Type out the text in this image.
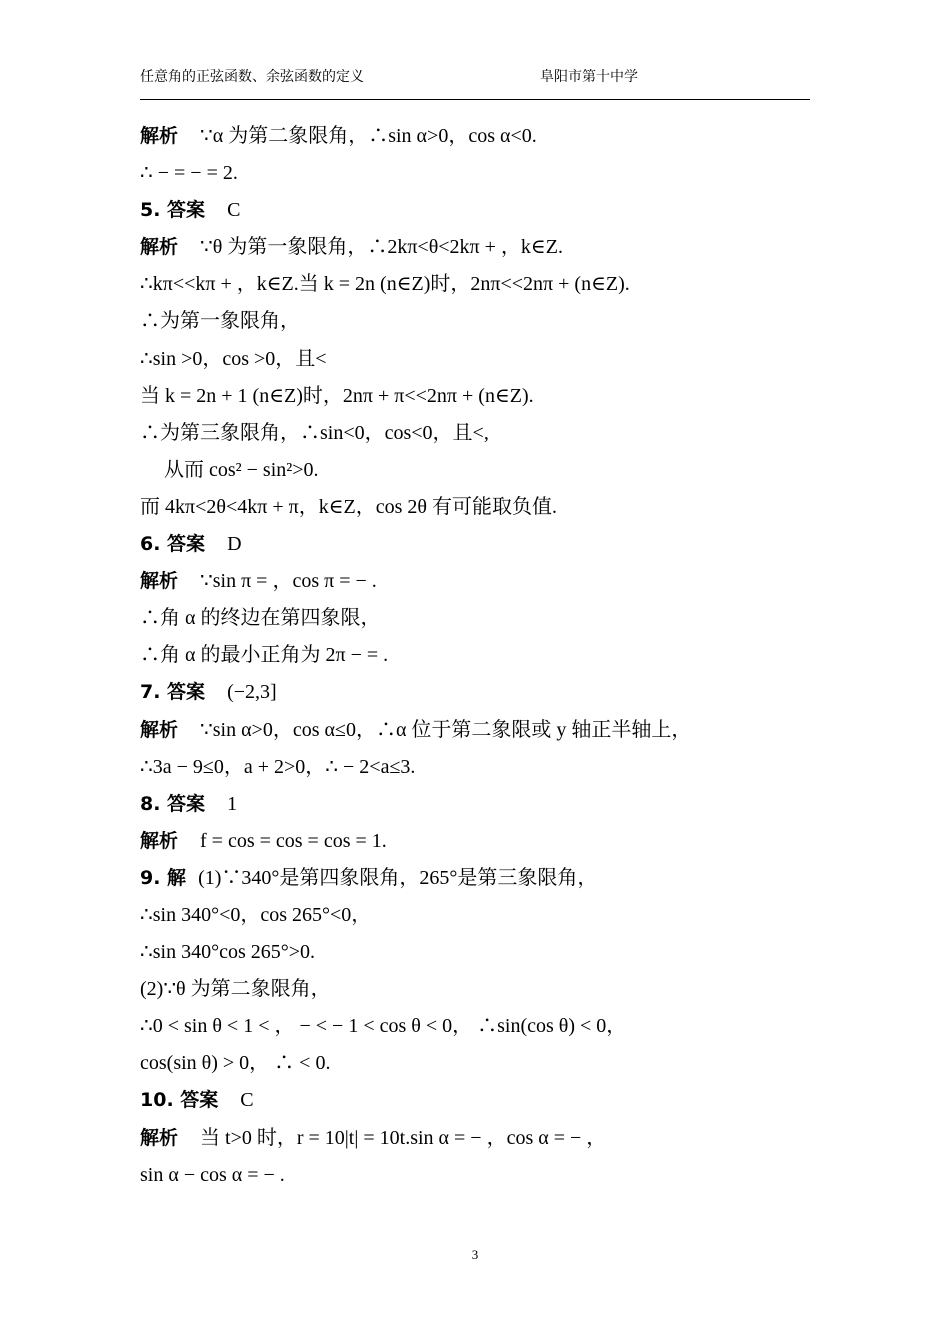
任意角的正弦函数、余弦函数的定义	阜阳市第十中学
解析 ∵α 为第二象限角，∴sin α>0，cos α<0.
∴ − = − = 2.
5. 答案 C
解析 ∵θ 为第一象限角，∴2kπ<θ<2kπ + ，k∈Z.
∴kπ<<kπ + ，k∈Z.当 k = 2n (n∈Z)时，2nπ<<2nπ + (n∈Z).
∴为第一象限角，
∴sin >0，cos >0，且<
当 k = 2n + 1 (n∈Z)时，2nπ + π<<2nπ + (n∈Z).
∴为第三象限角，∴sin<0，cos<0，且<,
从而 cos² − sin²>0.
而 4kπ<2θ<4kπ + π，k∈Z，cos 2θ 有可能取负值.
6. 答案 D
解析 ∵sin π = ，cos π = − .
∴角 α 的终边在第四象限，
∴角 α 的最小正角为 2π − = .
7. 答案 (−2,3]
解析 ∵sin α>0，cos α≤0，∴α 位于第二象限或 y 轴正半轴上，
∴3a − 9≤0，a + 2>0，∴ − 2<a≤3.
8. 答案 1
解析 f = cos = cos = cos = 1.
9. 解 (1)∵340°是第四象限角，265°是第三象限角，
∴sin 340°<0，cos 265°<0，
∴sin 340°cos 265°>0.
(2)∵θ 为第二象限角，
∴0 < sin θ < 1 < ， − < − 1 < cos θ < 0， ∴sin(cos θ) < 0，
cos(sin θ) > 0， ∴ < 0.
10. 答案 C
解析 当 t>0 时，r = 10|t| = 10t.sin α = − ，cos α = − ，
sin α − cos α = − .
3
